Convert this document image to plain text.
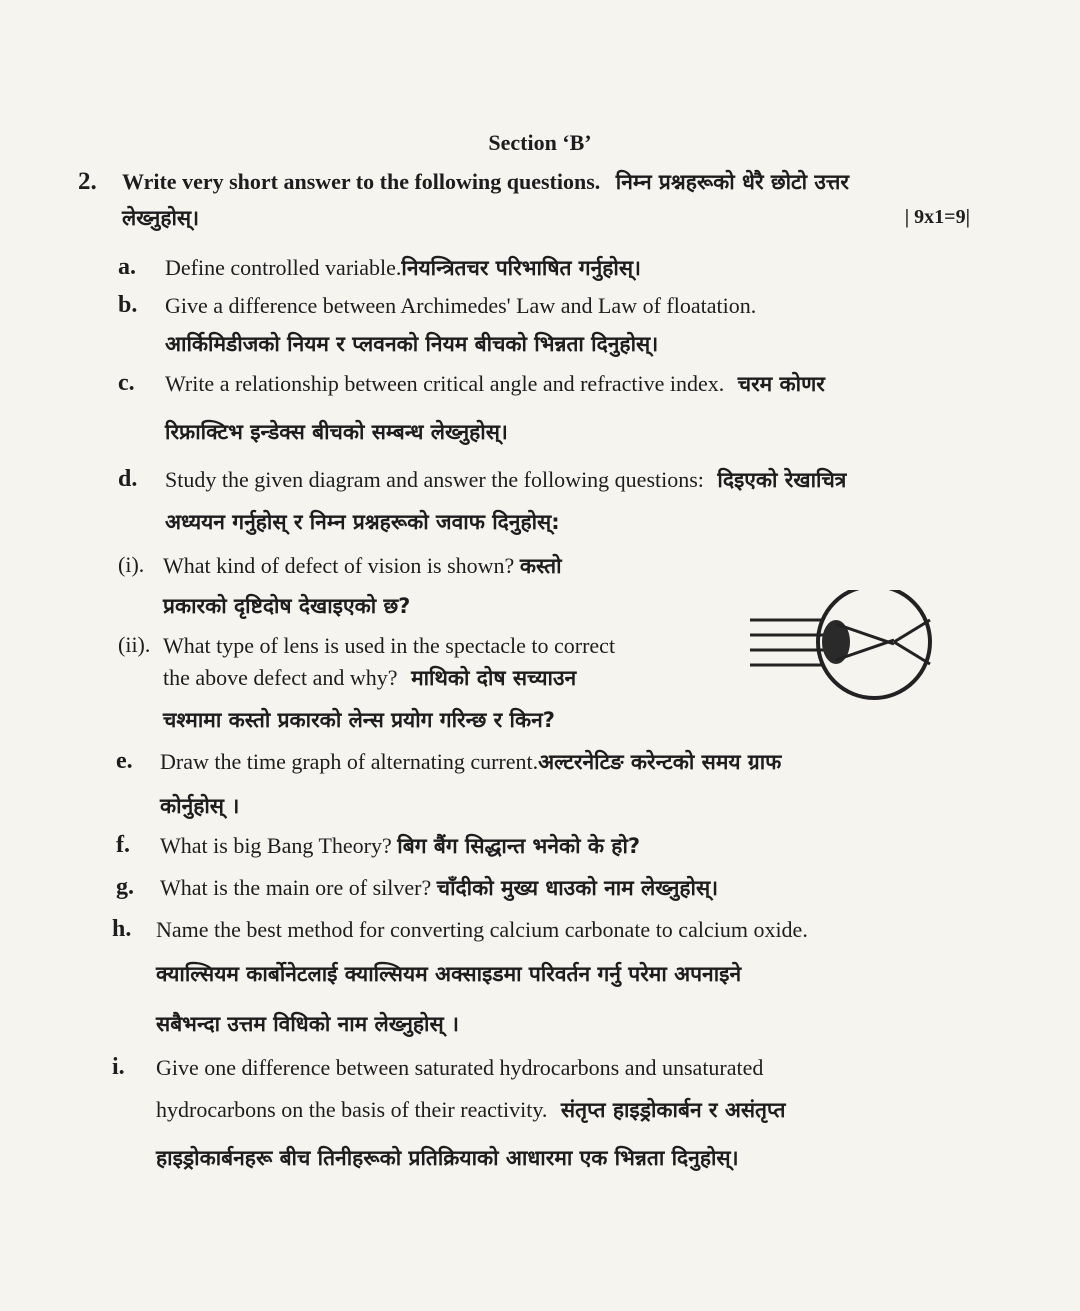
Section ‘B’
2. Write very short answer to the following questions. निम्न प्रश्नहरूको धेरै छोटो उत्तर
लेख्नुहोस्।	| 9x1=9|
a. Define controlled variable.नियन्त्रितचर परिभाषित गर्नुहोस्।
b. Give a difference between Archimedes' Law and Law of floatation.
आर्किमिडीजको नियम र प्लवनको नियम बीचको भिन्नता दिनुहोस्।
c. Write a relationship between critical angle and refractive index. चरम कोणर
रिफ्राक्टिभ इन्डेक्स बीचको सम्बन्ध लेख्नुहोस्।
d. Study the given diagram and answer the following questions: दिइएको रेखाचित्र
अध्ययन गर्नुहोस् र निम्न प्रश्नहरूको जवाफ दिनुहोस्:
(i). What kind of defect of vision is shown? कस्तो
प्रकारको दृष्टिदोष देखाइएको छ?
(ii). What type of lens is used in the spectacle to correct
the above defect and why? माथिको दोष सच्याउन
चश्मामा कस्तो प्रकारको लेन्स प्रयोग गरिन्छ र किन?
e. Draw the time graph of alternating current.अल्टरनेटिङ करेन्टको समय ग्राफ
कोर्नुहोस् ।
f. What is big Bang Theory? बिग बैंग सिद्धान्त भनेको के हो?
g. What is the main ore of silver? चाँदीको मुख्य धाउको नाम लेख्नुहोस्।
h. Name the best method for converting calcium carbonate to calcium oxide.
क्याल्सियम कार्बोनेटलाई क्याल्सियम अक्साइडमा परिवर्तन गर्नु परेमा अपनाइने
सबैभन्दा उत्तम विधिको नाम लेख्नुहोस् ।
i. Give one difference between saturated hydrocarbons and unsaturated
hydrocarbons on the basis of their reactivity. संतृप्त हाइड्रोकार्बन र असंतृप्त
हाइड्रोकार्बनहरू बीच तिनीहरूको प्रतिक्रियाको आधारमा एक भिन्नता दिनुहोस्।
